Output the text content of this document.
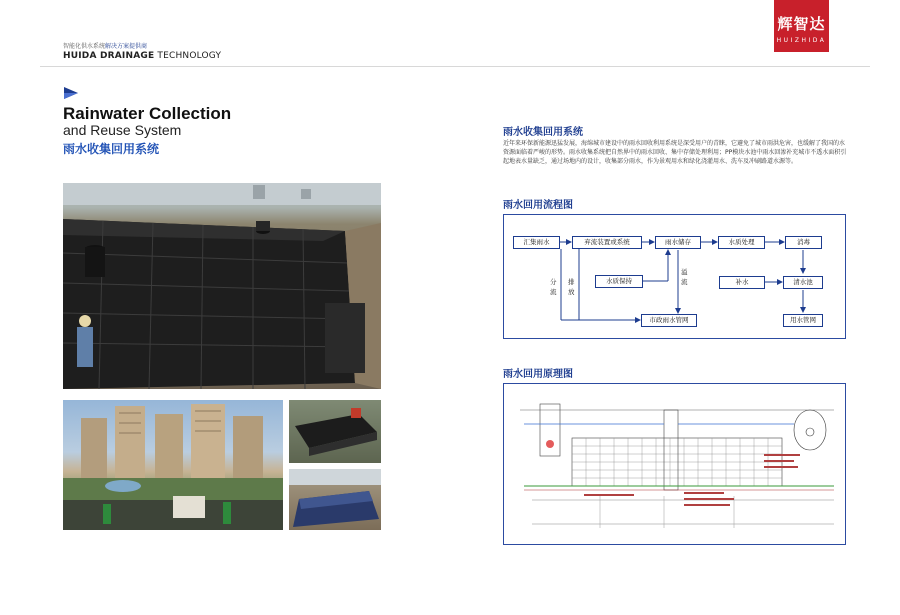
智能化供水系统解决方案提供商
HUIDA DRAINAGE TECHNOLOGY
辉智达
HUIZHIDA
Rainwater Collection
and Reuse System
雨水收集回用系统
雨水收集回用系统
近年来环保新能源迅猛发展，海绵城市建设中的雨水回收利用系统是深受用户的青睐，它避免了城市雨洪危害，也缓解了我国的水资源面临着严峻的形势。雨水收集系统把自然界中的雨水回收、集中存储处理利用；PP模块水池中雨水回渗补充城市不透水面积引起地表水量缺乏，通过场地内的设计，收集部分雨水，作为景观用水和绿化浇灌用水、洗车及冲刷路道水源等。
雨水回用流程图
汇集雨水	弃流装置或系统	雨水储存	水质处理	消毒
水质保持	补水	清水池
市政雨水管网	用水管网
分流
排放
溢流
雨水回用原理图
